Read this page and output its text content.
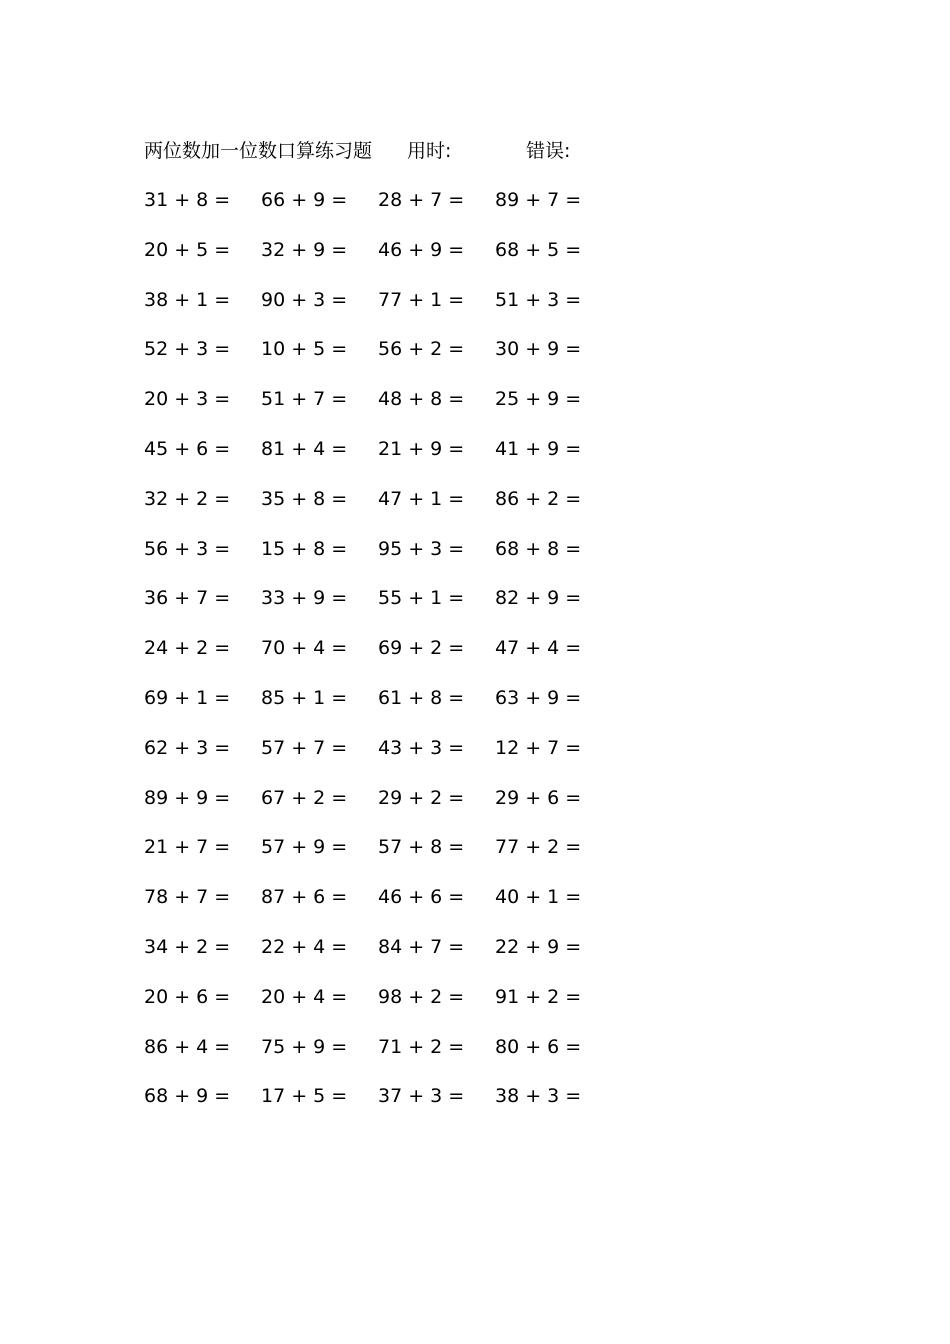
两位数加一位数口算练习题 用时:	错误:
31 + 8 = 66 + 9 = 28 + 7 = 89 + 7 =
20 + 5 = 32 + 9 = 46 + 9 = 68 + 5 =
38 + 1 = 90 + 3 = 77 + 1 = 51 + 3 =
52 + 3 = 10 + 5 = 56 + 2 = 30 + 9 =
20 + 3 = 51 + 7 = 48 + 8 = 25 + 9 =
45 + 6 = 81 + 4 = 21 + 9 = 41 + 9 =
32 + 2 = 35 + 8 = 47 + 1 = 86 + 2 =
56 + 3 = 15 + 8 = 95 + 3 = 68 + 8 =
36 + 7 = 33 + 9 = 55 + 1 = 82 + 9 =
24 + 2 = 70 + 4 = 69 + 2 = 47 + 4 =
69 + 1 = 85 + 1 = 61 + 8 = 63 + 9 =
62 + 3 = 57 + 7 = 43 + 3 = 12 + 7 =
89 + 9 = 67 + 2 = 29 + 2 = 29 + 6 =
21 + 7 = 57 + 9 = 57 + 8 = 77 + 2 =
78 + 7 = 87 + 6 = 46 + 6 = 40 + 1 =
34 + 2 = 22 + 4 = 84 + 7 = 22 + 9 =
20 + 6 = 20 + 4 = 98 + 2 = 91 + 2 =
86 + 4 = 75 + 9 = 71 + 2 = 80 + 6 =
68 + 9 = 17 + 5 = 37 + 3 = 38 + 3 =
